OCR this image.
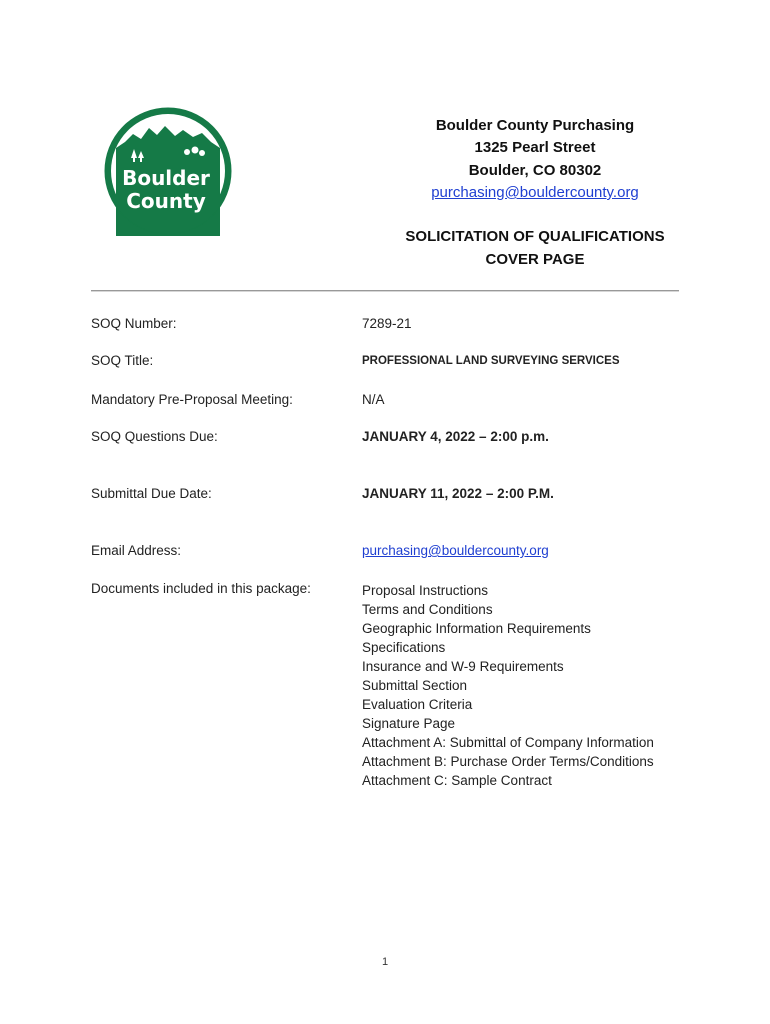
Boulder
County
Boulder County Purchasing
1325 Pearl Street
Boulder, CO 80302
purchasing@bouldercounty.org
SOLICITATION OF QUALIFICATIONS
COVER PAGE
SOQ Number:	7289-21
SOQ Title:	PROFESSIONAL LAND SURVEYING SERVICES
Mandatory Pre-Proposal Meeting:	N/A
SOQ Questions Due:	JANUARY 4, 2022 – 2:00 p.m.
Submittal Due Date:	JANUARY 11, 2022 – 2:00 P.M.
Email Address:	purchasing@bouldercounty.org
Documents included in this package:	Proposal Instructions
Terms and Conditions
Geographic Information Requirements
Specifications
Insurance and W-9 Requirements
Submittal Section
Evaluation Criteria
Signature Page
Attachment A: Submittal of Company Information
Attachment B: Purchase Order Terms/Conditions
Attachment C: Sample Contract
1
